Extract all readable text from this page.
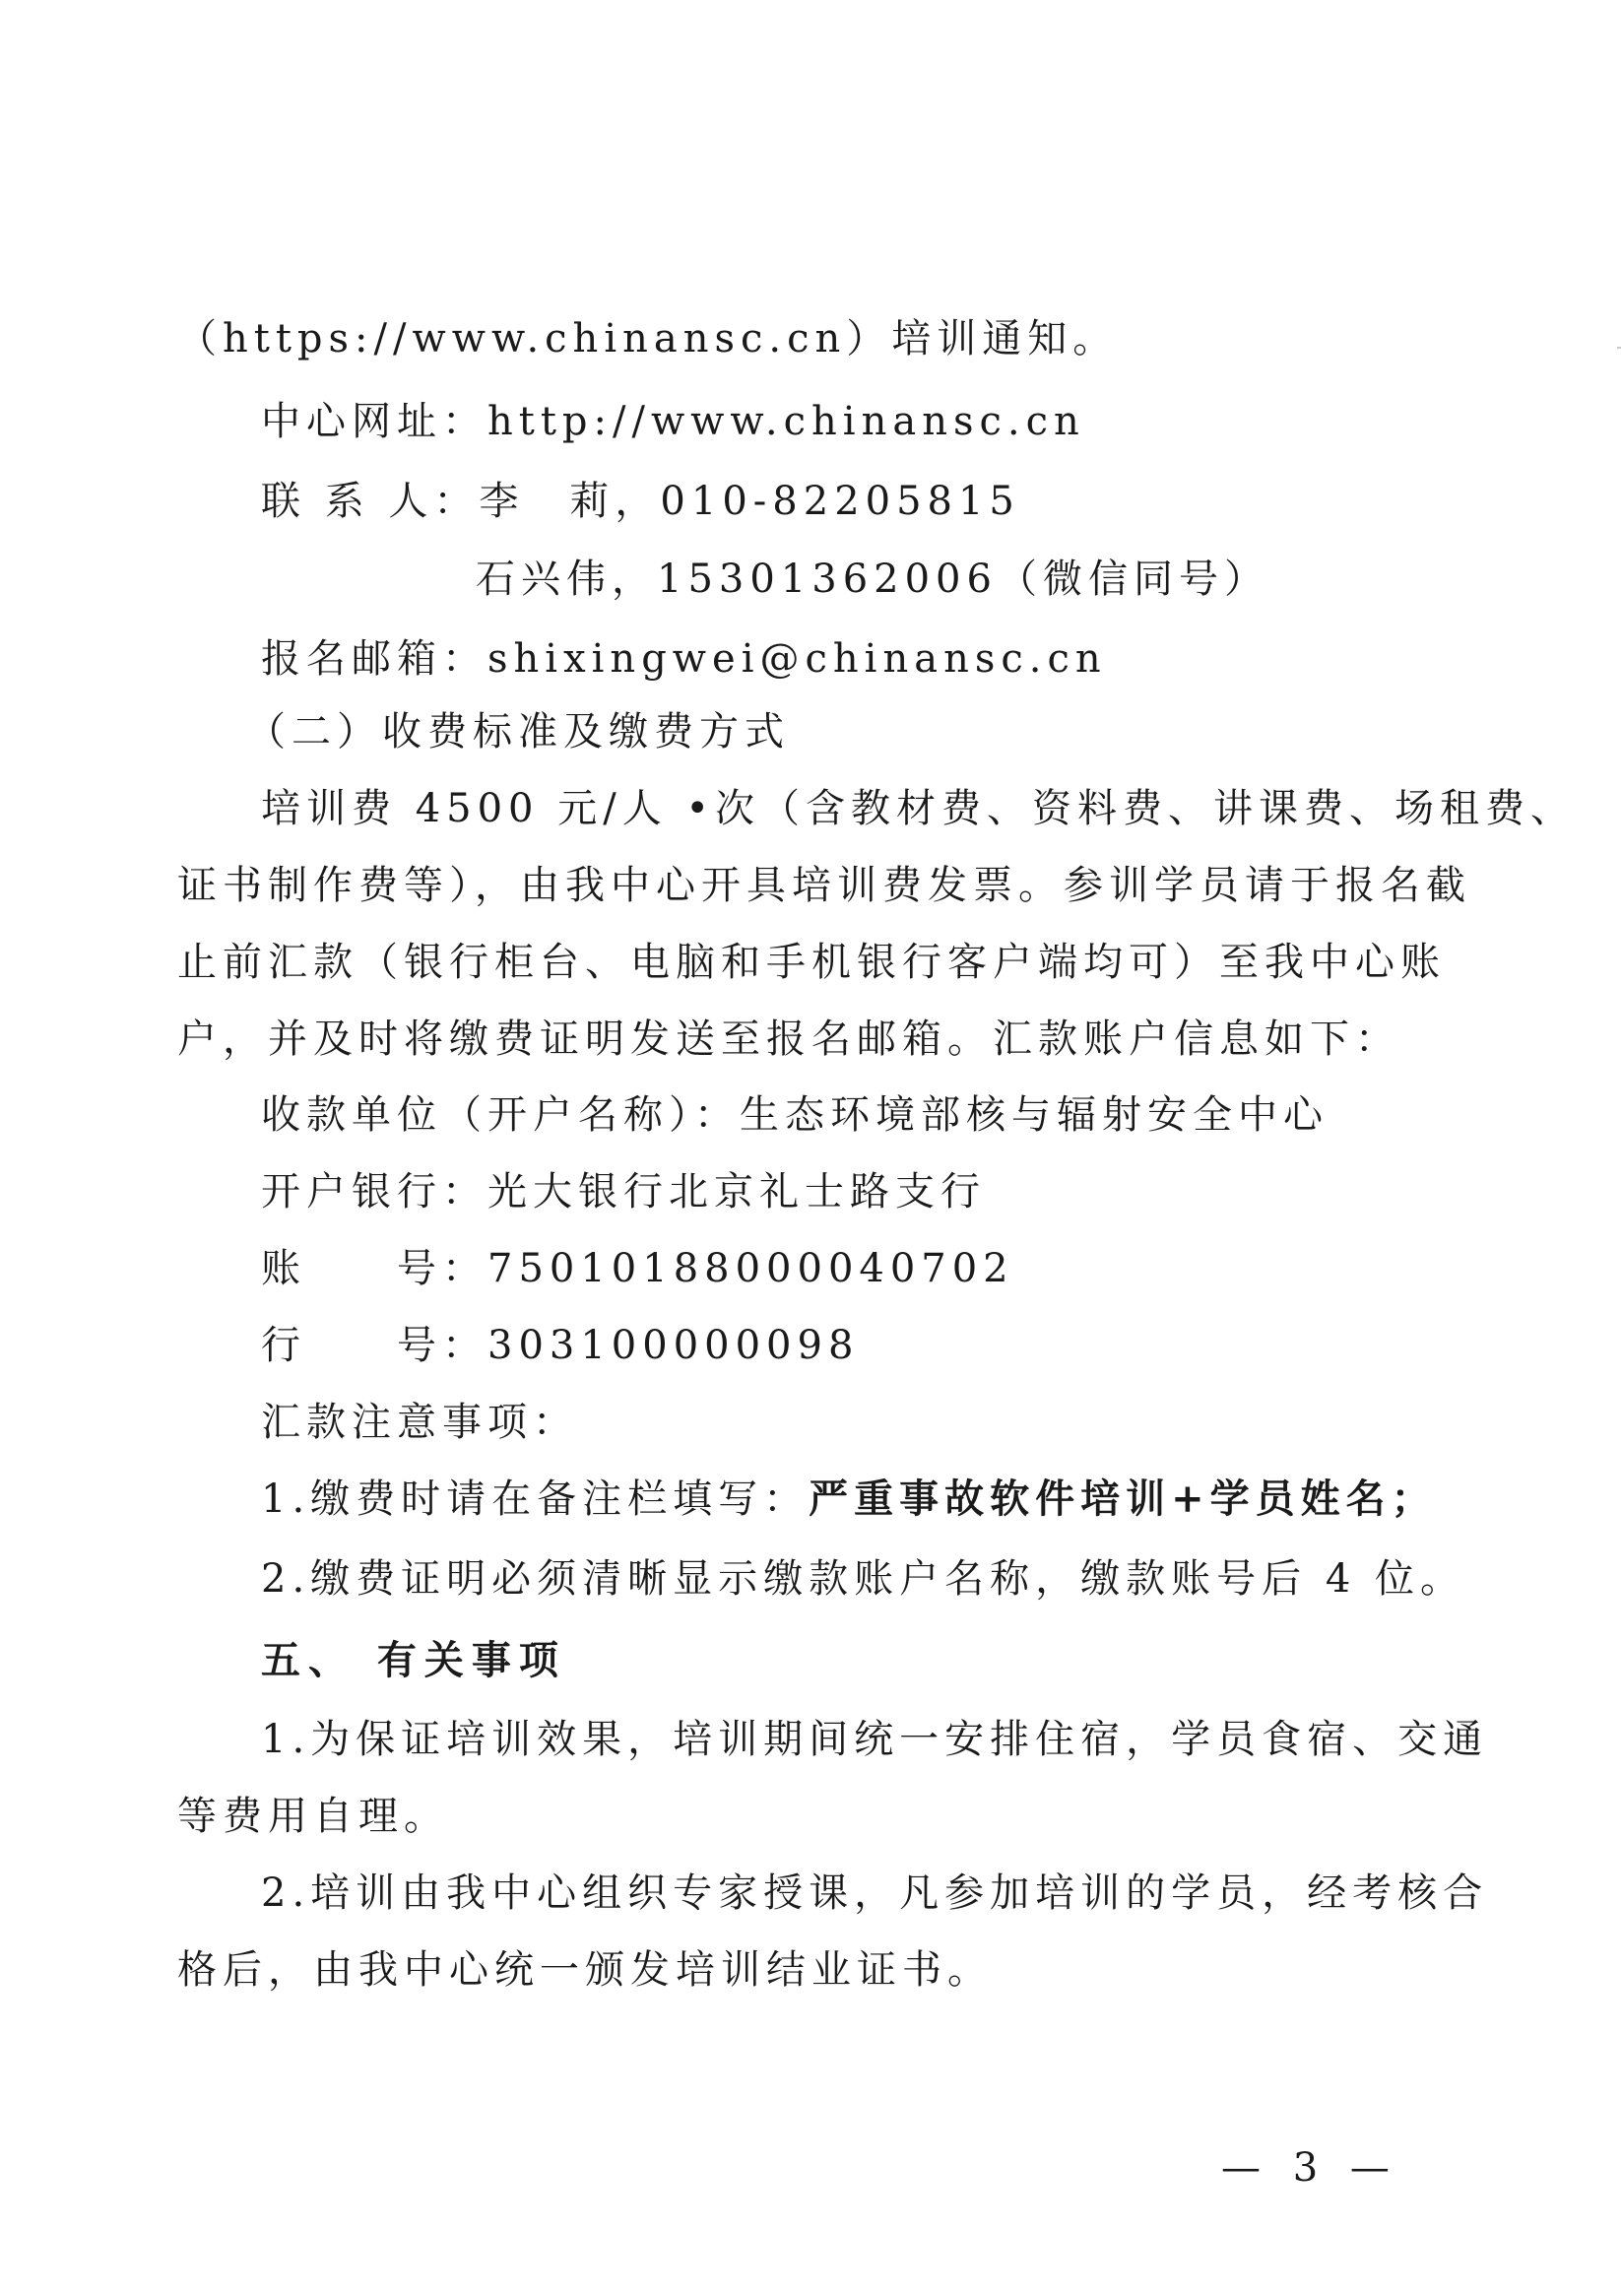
（https://www.chinansc.cn）培训通知。
中心网址：http://www.chinansc.cn
联 系 人：李　莉，010-82205815
石兴伟，15301362006（微信同号）
报名邮箱：shixingwei@chinansc.cn
（二）收费标准及缴费方式
培训费 4500 元/人 •次（含教材费、资料费、讲课费、场租费、
证书制作费等），由我中心开具培训费发票。参训学员请于报名截
止前汇款（银行柜台、电脑和手机银行客户端均可）至我中心账
户，并及时将缴费证明发送至报名邮箱。汇款账户信息如下：
收款单位（开户名称）：生态环境部核与辐射安全中心
开户银行：光大银行北京礼士路支行
账　　号：75010188000040702
行　　号：303100000098
汇款注意事项：
1.缴费时请在备注栏填写：严重事故软件培训+学员姓名；
2.缴费证明必须清晰显示缴款账户名称，缴款账号后 4 位。
五、 有关事项
1.为保证培训效果，培训期间统一安排住宿，学员食宿、交通
等费用自理。
2.培训由我中心组织专家授课，凡参加培训的学员，经考核合
格后，由我中心统一颁发培训结业证书。
— 3 —
